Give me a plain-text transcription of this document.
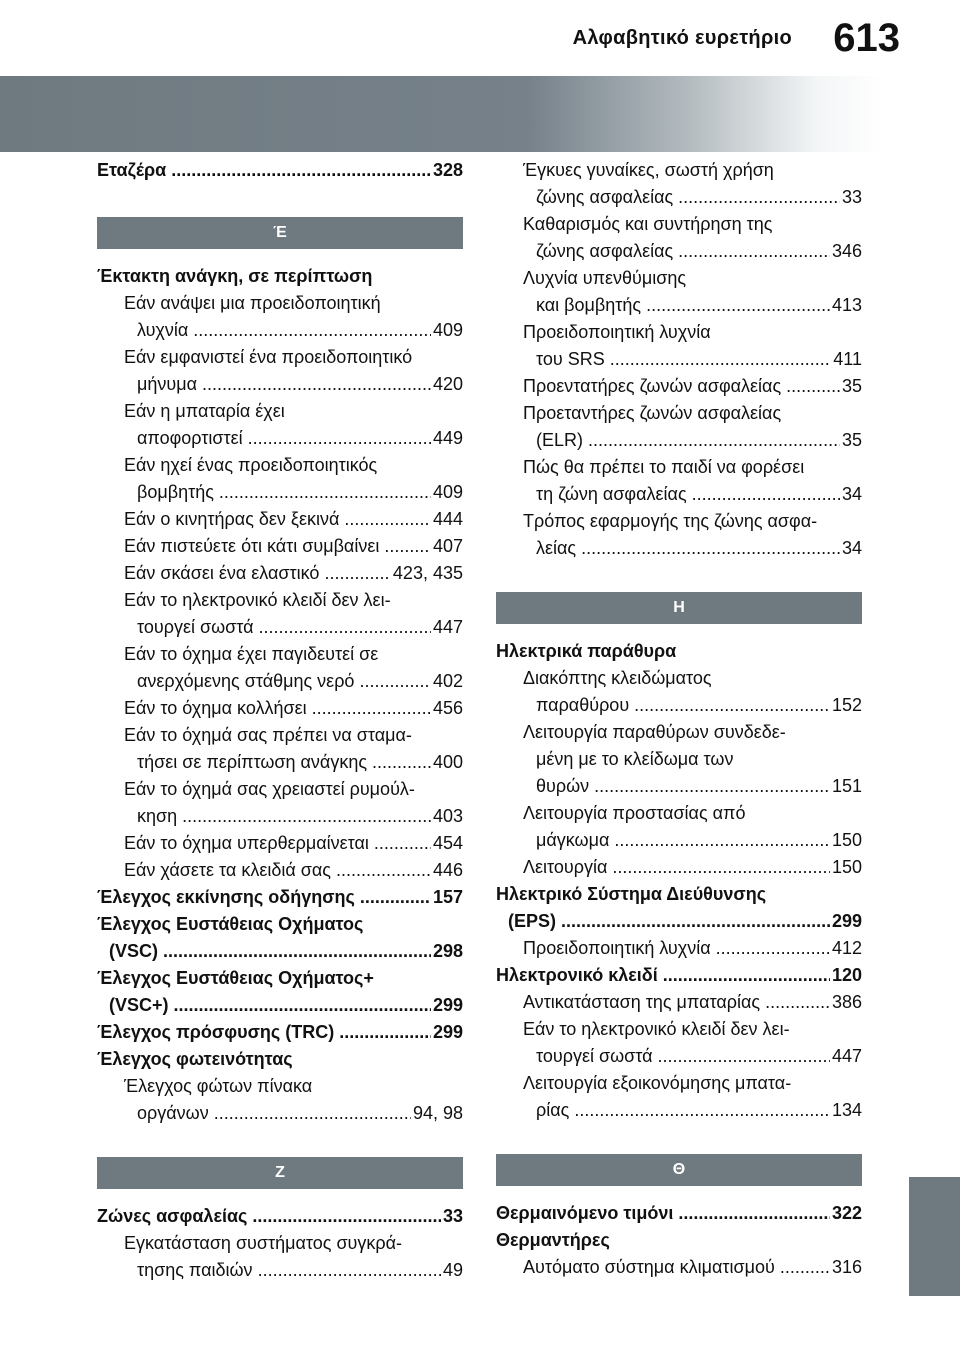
Αλφαβητικό ευρετήριο 613
Εταζέρα .....	328
Έ
Έκτακτη ανάγκη, σε περίπτωση
Εάν ανάψει μια προειδοποιητική
λυχνία .....	409
Εάν εμφανιστεί ένα προειδοποιητικό
μήνυμα .....	420
Εάν η μπαταρία έχει
αποφορτιστεί .....	449
Εάν ηχεί ένας προειδοποιητικός
βομβητής .....	409
Εάν ο κινητήρας δεν ξεκινά .....	444
Εάν πιστεύετε ότι κάτι συμβαίνει .....	407
Εάν σκάσει ένα ελαστικό .....	423, 435
Εάν το ηλεκτρονικό κλειδί δεν λει-
τουργεί σωστά .....	447
Εάν το όχημα έχει παγιδευτεί σε
ανερχόμενης στάθμης νερό .....	402
Εάν το όχημα κολλήσει .....	456
Εάν το όχημά σας πρέπει να σταμα-
τήσει σε περίπτωση ανάγκης .....	400
Εάν το όχημά σας χρειαστεί ρυμούλ-
κηση .....	403
Εάν το όχημα υπερθερμαίνεται .....	454
Εάν χάσετε τα κλειδιά σας .....	446
Έλεγχος εκκίνησης οδήγησης .....	157
Έλεγχος Ευστάθειας Οχήματος
(VSC) .....	298
Έλεγχος Ευστάθειας Οχήματος+
(VSC+) .....	299
Έλεγχος πρόσφυσης (TRC) .....	299
Έλεγχος φωτεινότητας
Έλεγχος φώτων πίνακα
οργάνων .....	94, 98
Ζ
Ζώνες ασφαλείας .....	33
Εγκατάσταση συστήματος συγκρά-
τησης παιδιών .....	49
Έγκυες γυναίκες, σωστή χρήση
ζώνης ασφαλείας .....	33
Καθαρισμός και συντήρηση της
ζώνης ασφαλείας .....	346
Λυχνία υπενθύμισης
και βομβητής .....	413
Προειδοποιητική λυχνία
του SRS .....	411
Προεντατήρες ζωνών ασφαλείας .....	35
Προεταντήρες ζωνών ασφαλείας
(ELR) .....	35
Πώς θα πρέπει το παιδί να φορέσει
τη ζώνη ασφαλείας .....	34
Τρόπος εφαρμογής της ζώνης ασφα-
λείας .....	34
Η
Ηλεκτρικά παράθυρα
Διακόπτης κλειδώματος
παραθύρου .....	152
Λειτουργία παραθύρων συνδεδε-
μένη με το κλείδωμα των
θυρών .....	151
Λειτουργία προστασίας από
μάγκωμα .....	150
Λειτουργία .....	150
Ηλεκτρικό Σύστημα Διεύθυνσης
(EPS) .....	299
Προειδοποιητική λυχνία .....	412
Ηλεκτρονικό κλειδί .....	120
Αντικατάσταση της μπαταρίας .....	386
Εάν το ηλεκτρονικό κλειδί δεν λει-
τουργεί σωστά .....	447
Λειτουργία εξοικονόμησης μπατα-
ρίας .....	134
Θ
Θερμαινόμενο τιμόνι .....	322
Θερμαντήρες
Αυτόματο σύστημα κλιματισμού .....	316
